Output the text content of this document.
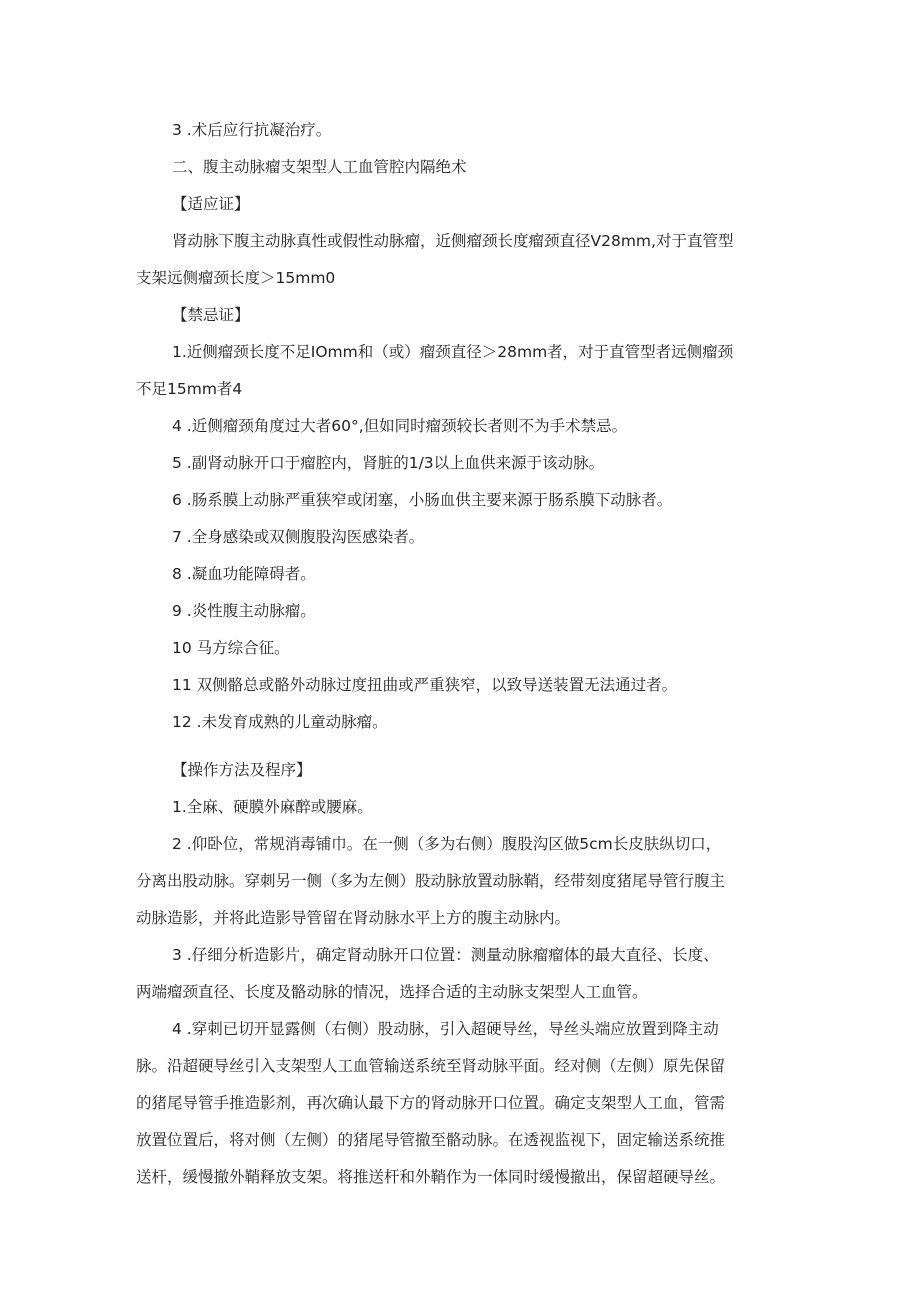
3 .术后应行抗凝治疗。
二、腹主动脉瘤支架型人工血管腔内隔绝术
【适应证】
肾动脉下腹主动脉真性或假性动脉瘤，近侧瘤颈长度瘤颈直径V28mm,对于直管型
支架远侧瘤颈长度＞15mm0
【禁忌证】
1.近侧瘤颈长度不足IOmm和（或）瘤颈直径＞28mm者，对于直管型者远侧瘤颈
不足15mm者4
4 .近侧瘤颈角度过大者60°,但如同时瘤颈较长者则不为手术禁忌。
5 .副肾动脉开口于瘤腔内，肾脏的1/3以上血供来源于该动脉。
6 .肠系膜上动脉严重狭窄或闭塞，小肠血供主要来源于肠系膜下动脉者。
7 .全身感染或双侧腹股沟医感染者。
8 .凝血功能障碍者。
9 .炎性腹主动脉瘤。
10 马方综合征。
11 双侧骼总或骼外动脉过度扭曲或严重狭窄，以致导送装置无法通过者。
12 .未发育成熟的儿童动脉瘤。
【操作方法及程序】
1.全麻、硬膜外麻醉或腰麻。
2 .仰卧位，常规消毒铺巾。在一侧（多为右侧）腹股沟区做5cm长皮肤纵切口，
分离出股动脉。穿刺另一侧（多为左侧）股动脉放置动脉鞘，经带刻度猪尾导管行腹主
动脉造影，并将此造影导管留在肾动脉水平上方的腹主动脉内。
3 .仔细分析造影片，确定肾动脉开口位置：测量动脉瘤瘤体的最大直径、长度、
两端瘤颈直径、长度及骼动脉的情况，选择合适的主动脉支架型人工血管。
4 .穿刺已切开显露侧（右侧）股动脉，引入超硬导丝，导丝头端应放置到降主动
脉。沿超硬导丝引入支架型人工血管输送系统至肾动脉平面。经对侧（左侧）原先保留
的猪尾导管手推造影剂，再次确认最下方的肾动脉开口位置。确定支架型人工血，管需
放置位置后，将对侧（左侧）的猪尾导管撤至骼动脉。在透视监视下，固定输送系统推
送杆，缓慢撤外鞘释放支架。将推送杆和外鞘作为一体同时缓慢撤出，保留超硬导丝。
